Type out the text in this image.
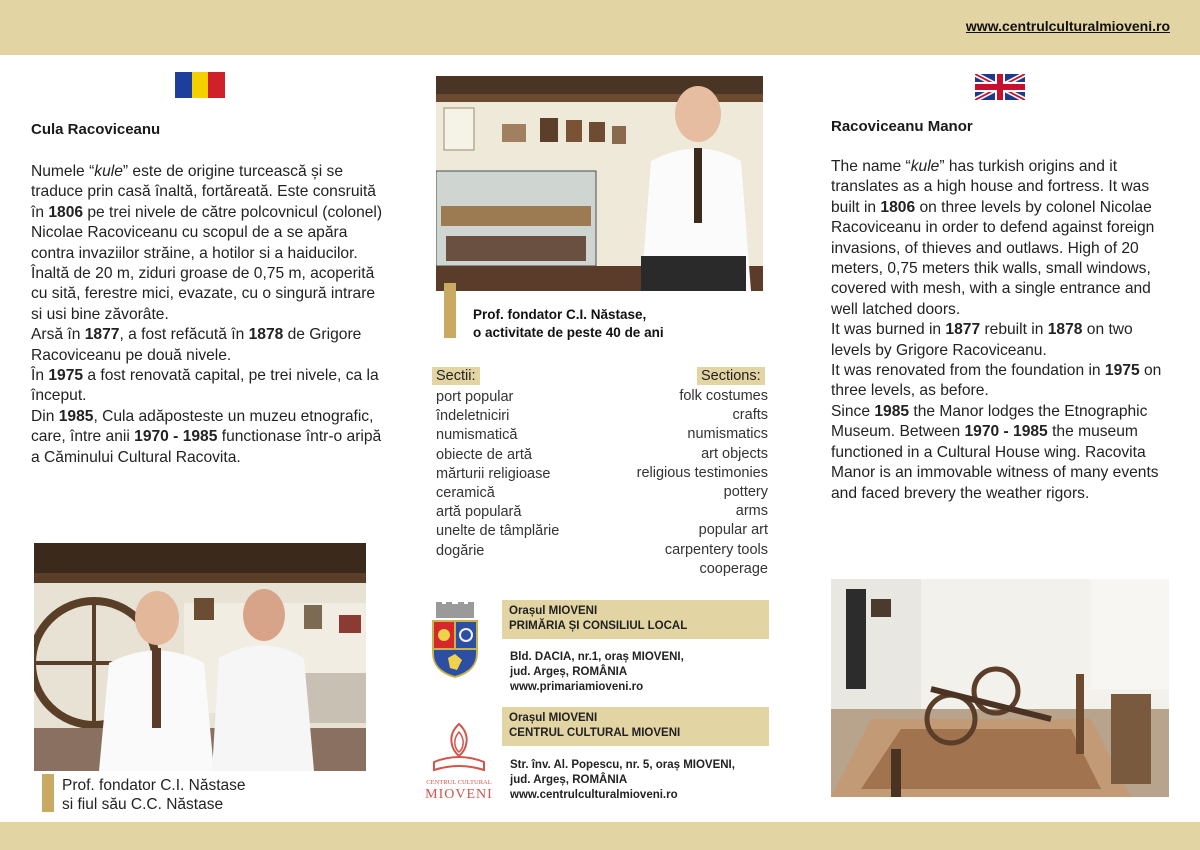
www.centrulculturalmioveni.ro
Cula Racoviceanu

Numele “kule” este de origine turcească și se traduce prin casă înaltă, fortăreată. Este consruită în 1806 pe trei nivele de către polcovnicul (colonel) Nicolae Racoviceanu cu scopul de a se apăra contra invaziilor străine, a hotilor si a haiducilor. Înaltă de 20 m, ziduri groase de 0,75 m, acoperită cu sită, ferestre mici, evazate, cu o singură intrare si usi bine zăvorâte.

Arsă în 1877, a fost refăcută în 1878 de Grigore Racoviceanu pe două nivele.

În 1975 a fost renovată capital, pe trei nivele, ca la început.

Din 1985, Cula adăposteste un muzeu etnografic, care, între anii 1970 - 1985 functionase într-o aripă a Căminului Cultural Racovita.

Prof. fondator C.I. Năstase
si fiul său C.C. Năstase
Prof. fondator C.I. Năstase,
o activitate de peste 40 de ani
Sectii:	Sections:
port popular
îndeletniciri
numismatică
obiecte de artă
mărturii religioase
ceramică
artă populară
unelte de tâmplărie
dogărie
folk costumes
crafts
numismatics
art objects
religious testimonies
pottery
arms
popular art
carpentery tools
cooperage
Orașul MIOVENI
PRIMĂRIA ȘI CONSILIUL LOCAL
Bld. DACIA, nr.1, oraș MIOVENI,
jud. Argeș, ROMÂNIA
www.primariamioveni.ro
CENTRUL CULTURAL
MIOVENI
Orașul MIOVENI
CENTRUL CULTURAL MIOVENI
Str. înv. Al. Popescu, nr. 5, oraș MIOVENI,
jud. Argeș, ROMÂNIA
www.centrulculturalmioveni.ro
Racoviceanu Manor

The name “kule” has turkish origins and it translates as a high house and fortress. It was built in 1806 on three levels by colonel Nicolae Racoviceanu in order to defend against foreign invasions, of thieves and outlaws. High of 20 meters, 0,75 meters thik walls, small windows, covered with mesh, with a single entrance and well latched doors.

It was burned in 1877 rebuilt in 1878 on two levels by Grigore Racoviceanu.

It was renovated from the foundation in 1975 on three levels, as before.

Since 1985 the Manor lodges the Etnographic Museum. Between 1970 - 1985 the museum functioned in a Cultural House wing. Racovita Manor is an immovable witness of many events and faced brevery the weather rigors.
